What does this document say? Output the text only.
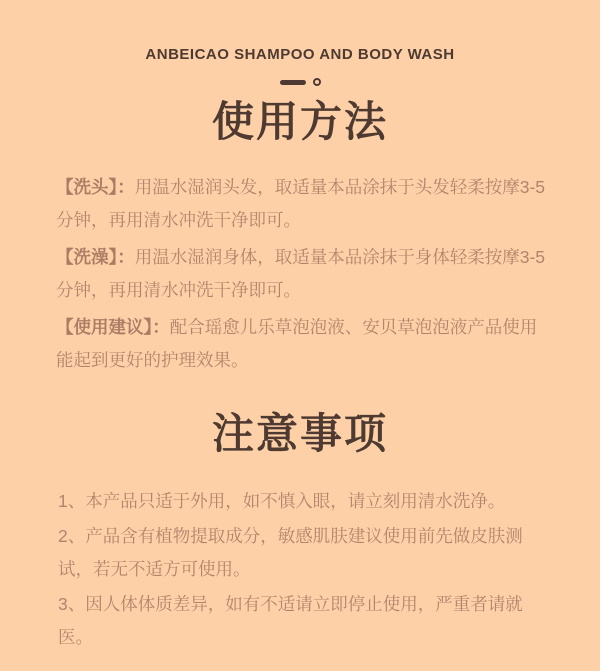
ANBEICAO SHAMPOO AND BODY WASH
使用方法

【洗头】：用温水湿润头发，取适量本品涂抹于头发轻柔按摩3-5分钟，再用清水冲洗干净即可。

【洗澡】：用温水湿润身体，取适量本品涂抹于身体轻柔按摩3-5分钟，再用清水冲洗干净即可。

【使用建议】：配合瑶愈儿乐草泡泡液、安贝草泡泡液产品使用能起到更好的护理效果。

注意事项
1、本产品只适于外用，如不慎入眼，请立刻用清水洗净。
2、产品含有植物提取成分，敏感肌肤建议使用前先做皮肤测试，若无不适方可使用。
3、因人体体质差异，如有不适请立即停止使用，严重者请就医。
